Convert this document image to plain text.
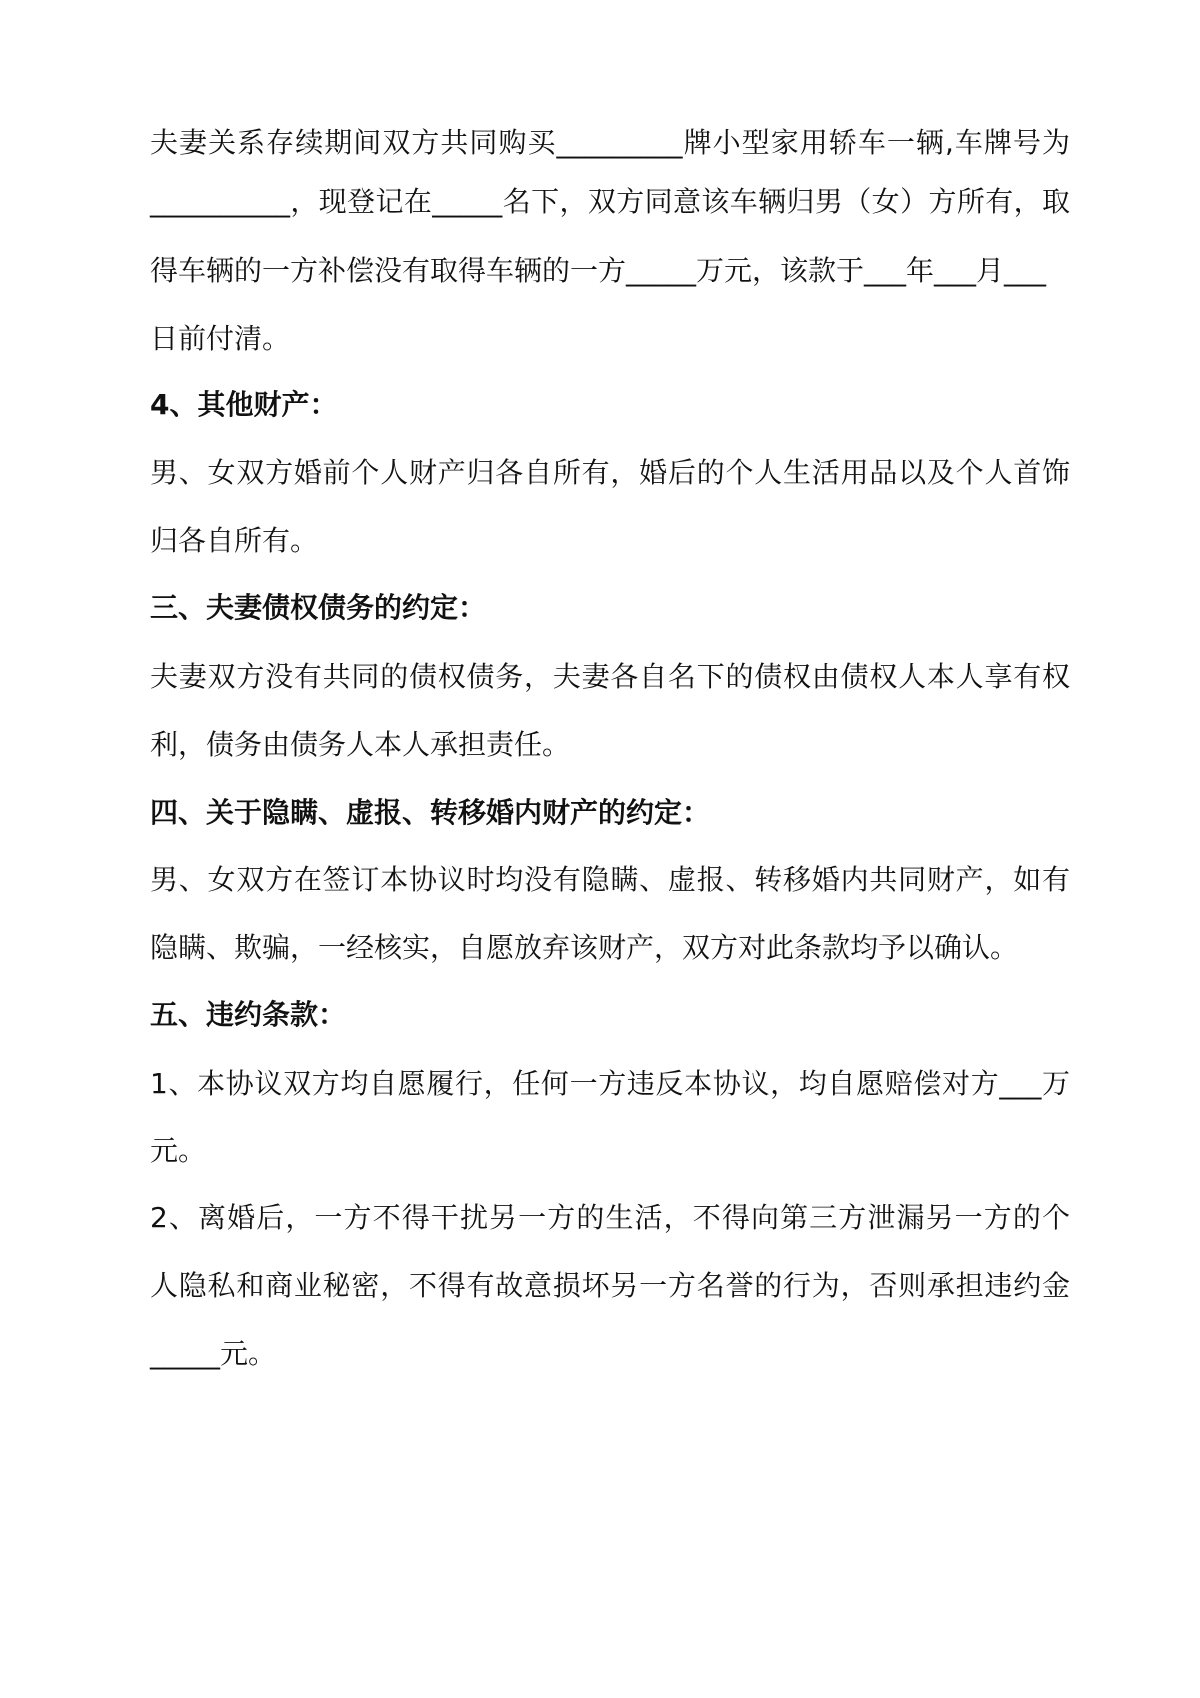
夫妻关系存续期间双方共同购买_________牌小型家用轿车一辆,车牌号为
__________，现登记在_____名下，双方同意该车辆归男（女）方所有，取
得车辆的一方补偿没有取得车辆的一方_____万元，该款于___年___月___
日前付清。
4、其他财产：
男、女双方婚前个人财产归各自所有，婚后的个人生活用品以及个人首饰
归各自所有。
三、夫妻债权债务的约定：
夫妻双方没有共同的债权债务，夫妻各自名下的债权由债权人本人享有权
利，债务由债务人本人承担责任。
四、关于隐瞒、虚报、转移婚内财产的约定：
男、女双方在签订本协议时均没有隐瞒、虚报、转移婚内共同财产，如有
隐瞒、欺骗，一经核实，自愿放弃该财产，双方对此条款均予以确认。
五、违约条款：
1、本协议双方均自愿履行，任何一方违反本协议，均自愿赔偿对方___万
元。
2、离婚后，一方不得干扰另一方的生活，不得向第三方泄漏另一方的个
人隐私和商业秘密，不得有故意损坏另一方名誉的行为，否则承担违约金
_____元。
